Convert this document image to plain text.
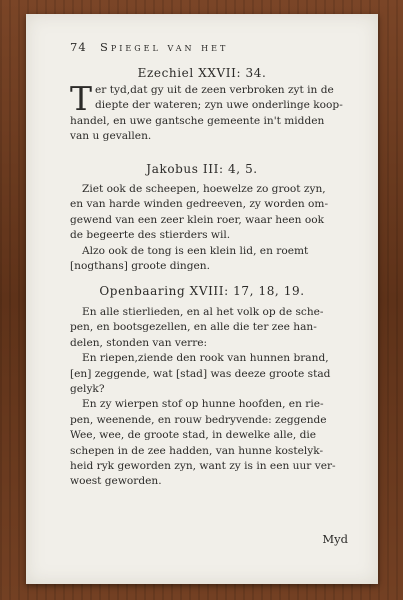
74 Spiegel van het
Ezechiel XXVII: 34.
T er tyd,dat gy uit de zeen verbroken zyt in de

diepte der wateren; zyn uwe onderlinge koop-

handel, en uwe gantsche gemeente in't midden

van u gevallen.

Jakobus III: 4, 5.

Ziet ook de scheepen, hoewelze zo groot zyn,

en van harde winden gedreeven, zy worden om-

gewend van een zeer klein roer, waar heen ook

de begeerte des stierders wil.

Alzo ook de tong is een klein lid, en roemt

[nogthans] groote dingen.

Openbaaring XVIII: 17, 18, 19.

En alle stierlieden, en al het volk op de sche-

pen, en bootsgezellen, en alle die ter zee han-

delen, stonden van verre:

En riepen,ziende den rook van hunnen brand,

[en] zeggende, wat [stad] was deeze groote stad

gelyk?

En zy wierpen stof op hunne hoofden, en rie-

pen, weenende, en rouw bedryvende: zeggende

Wee, wee, de groote stad, in dewelke alle, die

schepen in de zee hadden, van hunne kostelyk-

heid ryk geworden zyn, want zy is in een uur ver-

woest geworden.

Myd
